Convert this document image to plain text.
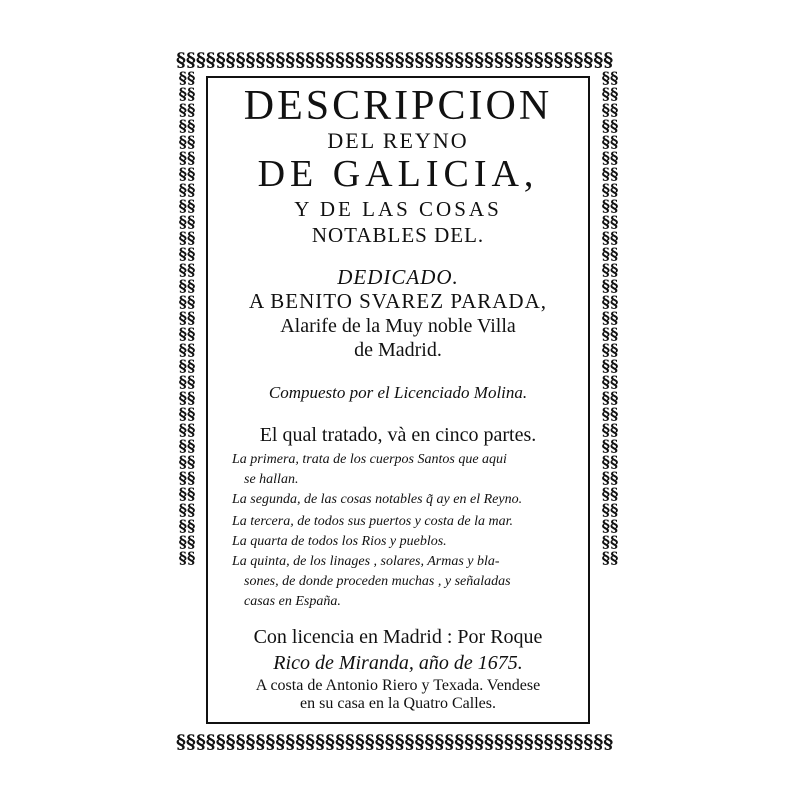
§§§§§§§§§§§§§§§§§§§§§§§§§§§§§§§§§§§§§§§§§§§§
§§§§§§§§§§§§§§§§§§§§§§§§§§§§§§§§§§§§§§§§§§§§
§§§§§§§§§§§§§§§§§§§§§§§§§§§§§§§§§§§§§§§§§§§§§§§§§§§§§§§§§§§§§§
§§§§§§§§§§§§§§§§§§§§§§§§§§§§§§§§§§§§§§§§§§§§§§§§§§§§§§§§§§§§§§
DESCRIPCION
DEL REYNO
DE GALICIA,
Y DE LAS COSAS
NOTABLES DEL.
DEDICADO.
A BENITO SVAREZ PARADA,
Alarife de la Muy noble Villa
de Madrid.
Compuesto por el Licenciado Molina.
El qual tratado, và en cinco partes.
La primera, trata de los cuerpos Santos que aqui
se hallan.
La segunda, de las cosas notables q̃ ay en el Reyno.
La tercera, de todos sus puertos y costa de la mar.
La quarta de todos los Rios y pueblos.
La quinta, de los linages , solares, Armas y bla-
sones, de donde proceden muchas , y señaladas
casas en España.
Con licencia en Madrid : Por Roque
Rico de Miranda, año de 1675.
A costa de Antonio Riero y Texada. Vendese
en su casa en la Quatro Calles.
